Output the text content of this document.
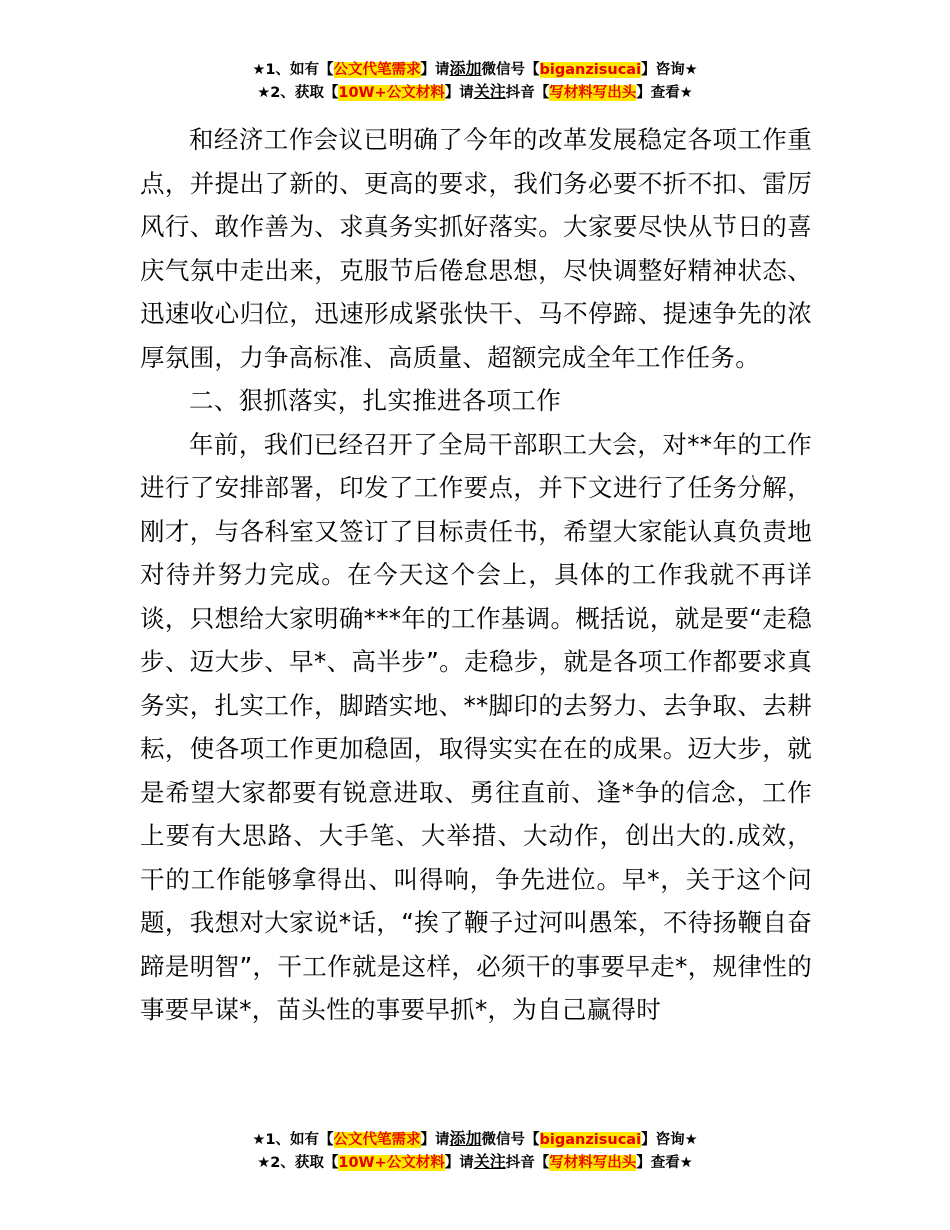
★1、如有【公文代笔需求】请添加微信号【biganzisucai】咨询★
★2、获取【10W+公文材料】请关注抖音【写材料写出头】查看★

和经济工作会议已明确了今年的改革发展稳定各项工作重点，并提出了新的、更高的要求，我们务必要不折不扣、雷厉风行、敢作善为、求真务实抓好落实。大家要尽快从节日的喜庆气氛中走出来，克服节后倦怠思想，尽快调整好精神状态、迅速收心归位，迅速形成紧张快干、马不停蹄、提速争先的浓厚氛围，力争高标准、高质量、超额完成全年工作任务。

二、狠抓落实，扎实推进各项工作

年前，我们已经召开了全局干部职工大会，对**年的工作进行了安排部署，印发了工作要点，并下文进行了任务分解，刚才，与各科室又签订了目标责任书，希望大家能认真负责地对待并努力完成。在今天这个会上，具体的工作我就不再详谈，只想给大家明确***年的工作基调。概括说，就是要“走稳步、迈大步、早*、高半步”。走稳步，就是各项工作都要求真务实，扎实工作，脚踏实地、**脚印的去努力、去争取、去耕耘，使各项工作更加稳固，取得实实在在的成果。迈大步，就是希望大家都要有锐意进取、勇往直前、逢*争的信念，工作上要有大思路、大手笔、大举措、大动作，创出大的.成效，干的工作能够拿得出、叫得响，争先进位。早*，关于这个问题，我想对大家说*话，“挨了鞭子过河叫愚笨，不待扬鞭自奋蹄是明智”，干工作就是这样，必须干的事要早走*，规律性的事要早谋*，苗头性的事要早抓*，为自己赢得时

★1、如有【公文代笔需求】请添加微信号【biganzisucai】咨询★
★2、获取【10W+公文材料】请关注抖音【写材料写出头】查看★
